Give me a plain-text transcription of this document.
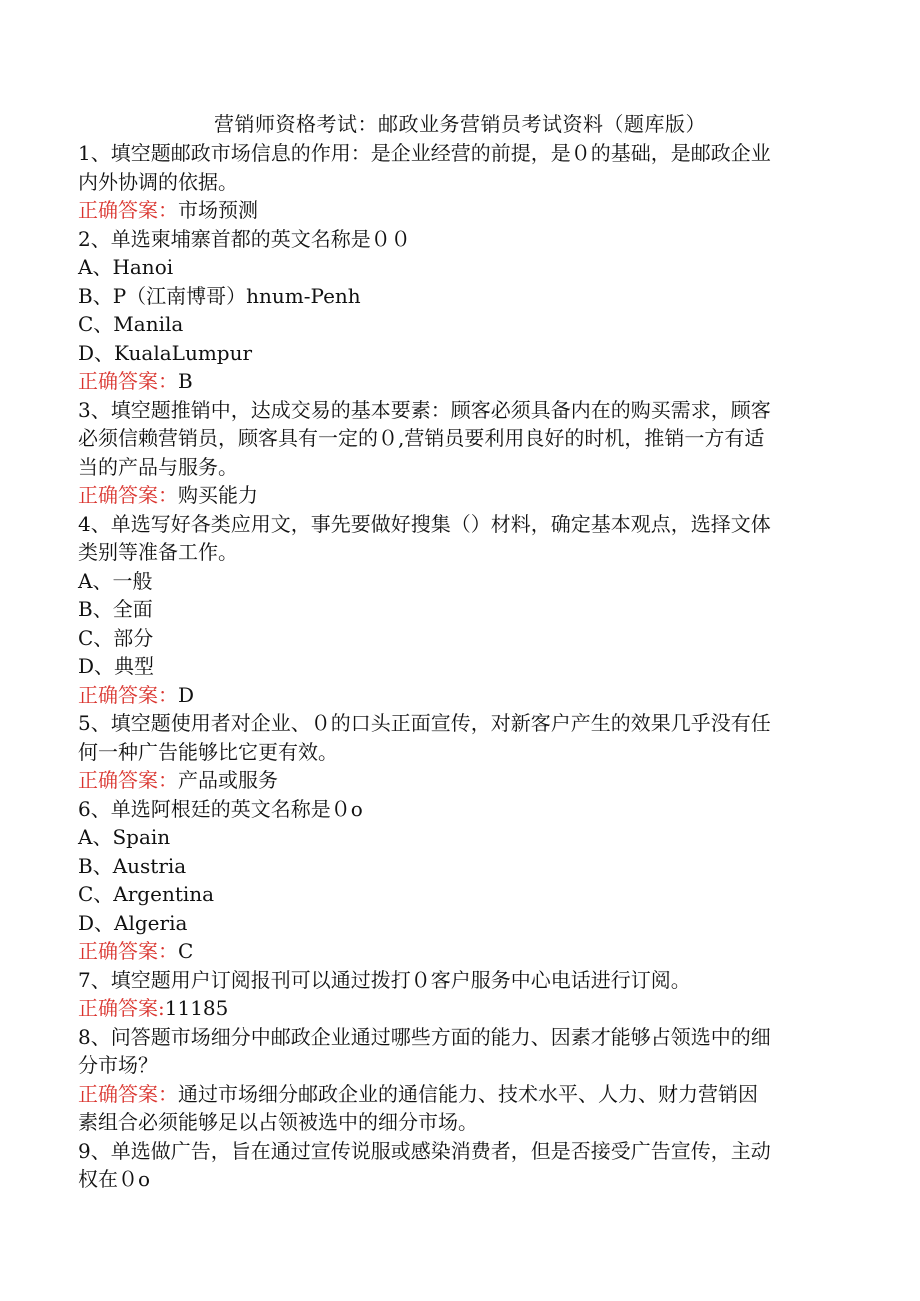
营销师资格考试：邮政业务营销员考试资料（题库版）

1、填空题邮政市场信息的作用：是企业经营的前提，是０的基础，是邮政企业

内外协调的依据。

正确答案：市场预测

2、单选柬埔寨首都的英文名称是００

A、Hanoi

B、P（江南博哥）hnum-Penh

C、Manila

D、KualaLumpur

正确答案：B

3、填空题推销中，达成交易的基本要素：顾客必须具备内在的购买需求，顾客

必须信赖营销员，顾客具有一定的０,营销员要利用良好的时机，推销一方有适

当的产品与服务。

正确答案：购买能力

4、单选写好各类应用文，事先要做好搜集（）材料，确定基本观点，选择文体

类别等准备工作。

A、一般

B、全面

C、部分

D、典型

正确答案：D

5、填空题使用者对企业、０的口头正面宣传，对新客户产生的效果几乎没有任

何一种广告能够比它更有效。

正确答案：产品或服务

6、单选阿根廷的英文名称是０o

A、Spain

B、Austria

C、Argentina

D、Algeria

正确答案：C

7、填空题用户订阅报刊可以通过拨打０客户服务中心电话进行订阅。

正确答案:11185

8、问答题市场细分中邮政企业通过哪些方面的能力、因素才能够占领选中的细

分市场？

正确答案：通过市场细分邮政企业的通信能力、技术水平、人力、财力营销因

素组合必须能够足以占领被选中的细分市场。

9、单选做广告，旨在通过宣传说服或感染消费者，但是否接受广告宣传，主动

权在０o
